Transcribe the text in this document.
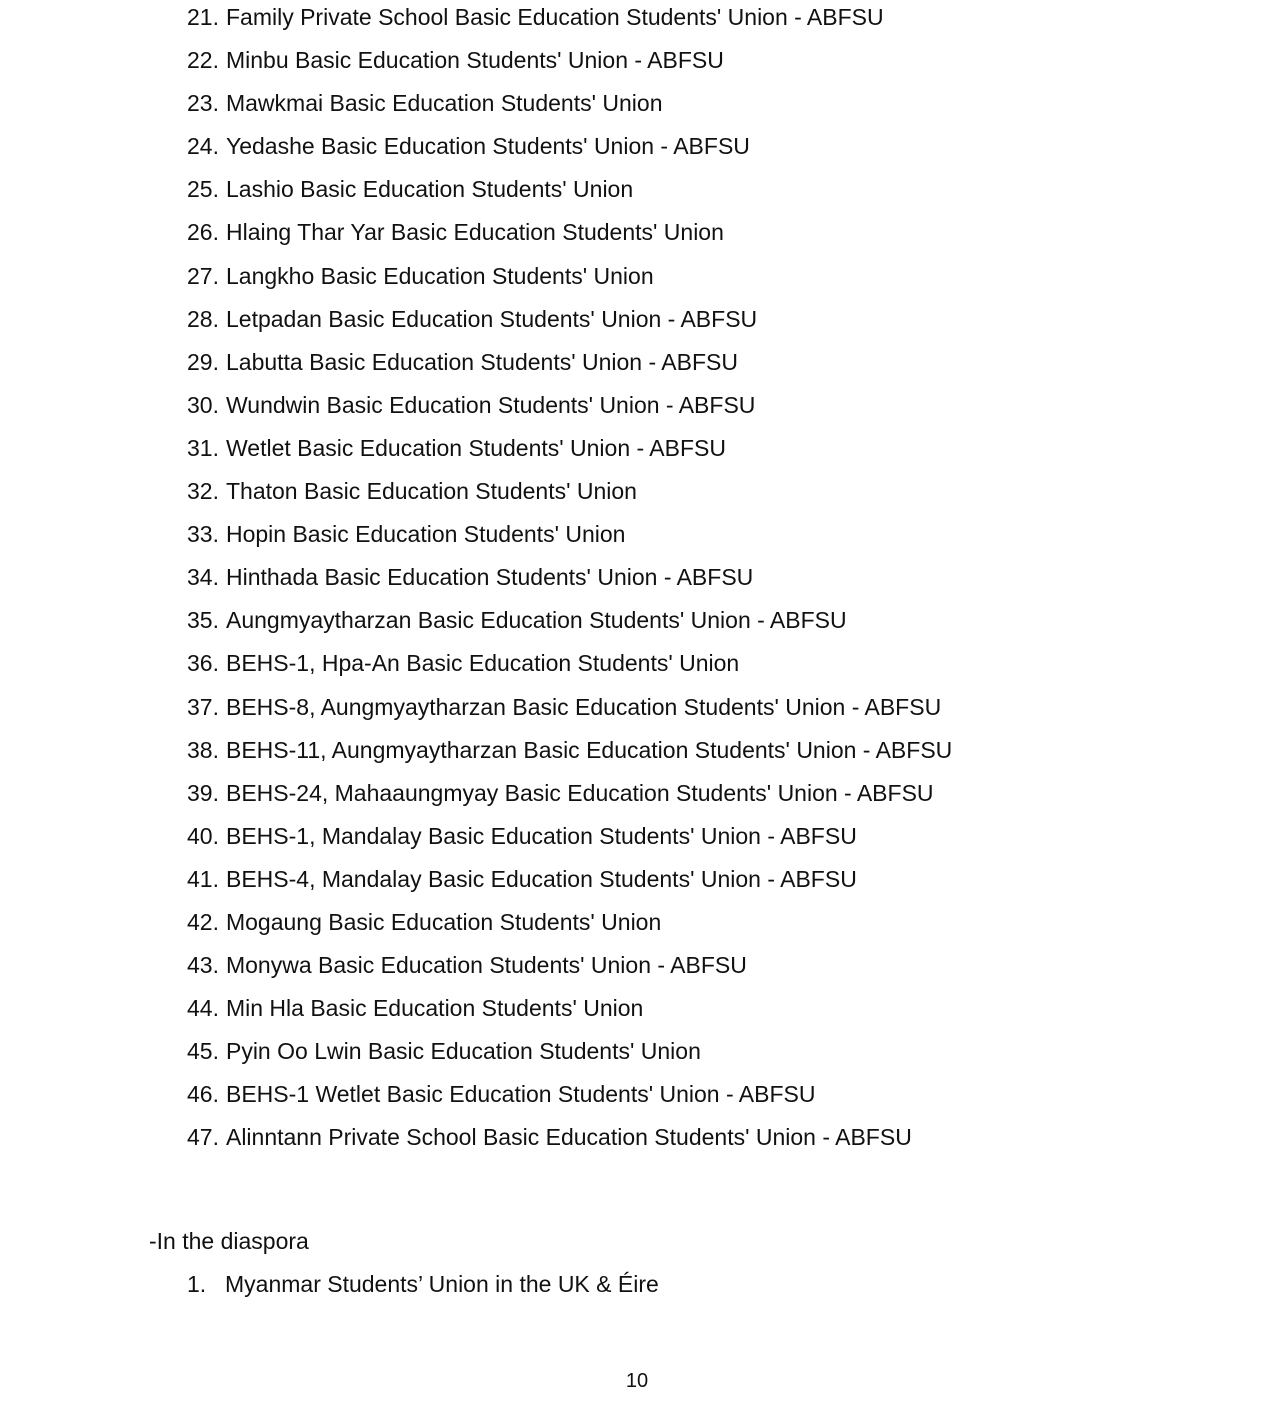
21. Family Private School Basic Education Students' Union - ABFSU
22. Minbu Basic Education Students' Union - ABFSU
23. Mawkmai Basic Education Students' Union
24. Yedashe Basic Education Students' Union - ABFSU
25. Lashio Basic Education Students' Union
26. Hlaing Thar Yar Basic Education Students' Union
27. Langkho Basic Education Students' Union
28. Letpadan Basic Education Students' Union - ABFSU
29. Labutta Basic Education Students' Union - ABFSU
30. Wundwin Basic Education Students' Union - ABFSU
31. Wetlet Basic Education Students' Union - ABFSU
32. Thaton Basic Education Students' Union
33. Hopin Basic Education Students' Union
34. Hinthada Basic Education Students' Union - ABFSU
35. Aungmyaytharzan Basic Education Students' Union - ABFSU
36. BEHS-1, Hpa-An Basic Education Students' Union
37. BEHS-8, Aungmyaytharzan Basic Education Students' Union - ABFSU
38. BEHS-11, Aungmyaytharzan Basic Education Students' Union - ABFSU
39. BEHS-24, Mahaaungmyay Basic Education Students' Union - ABFSU
40. BEHS-1, Mandalay Basic Education Students' Union - ABFSU
41. BEHS-4, Mandalay Basic Education Students' Union - ABFSU
42. Mogaung Basic Education Students' Union
43. Monywa Basic Education Students' Union - ABFSU
44. Min Hla Basic Education Students' Union
45. Pyin Oo Lwin Basic Education Students' Union
46. BEHS-1 Wetlet Basic Education Students' Union - ABFSU
47. Alinntann Private School Basic Education Students' Union - ABFSU

-In the diaspora

1. Myanmar Students’ Union in the UK & Éire
10
